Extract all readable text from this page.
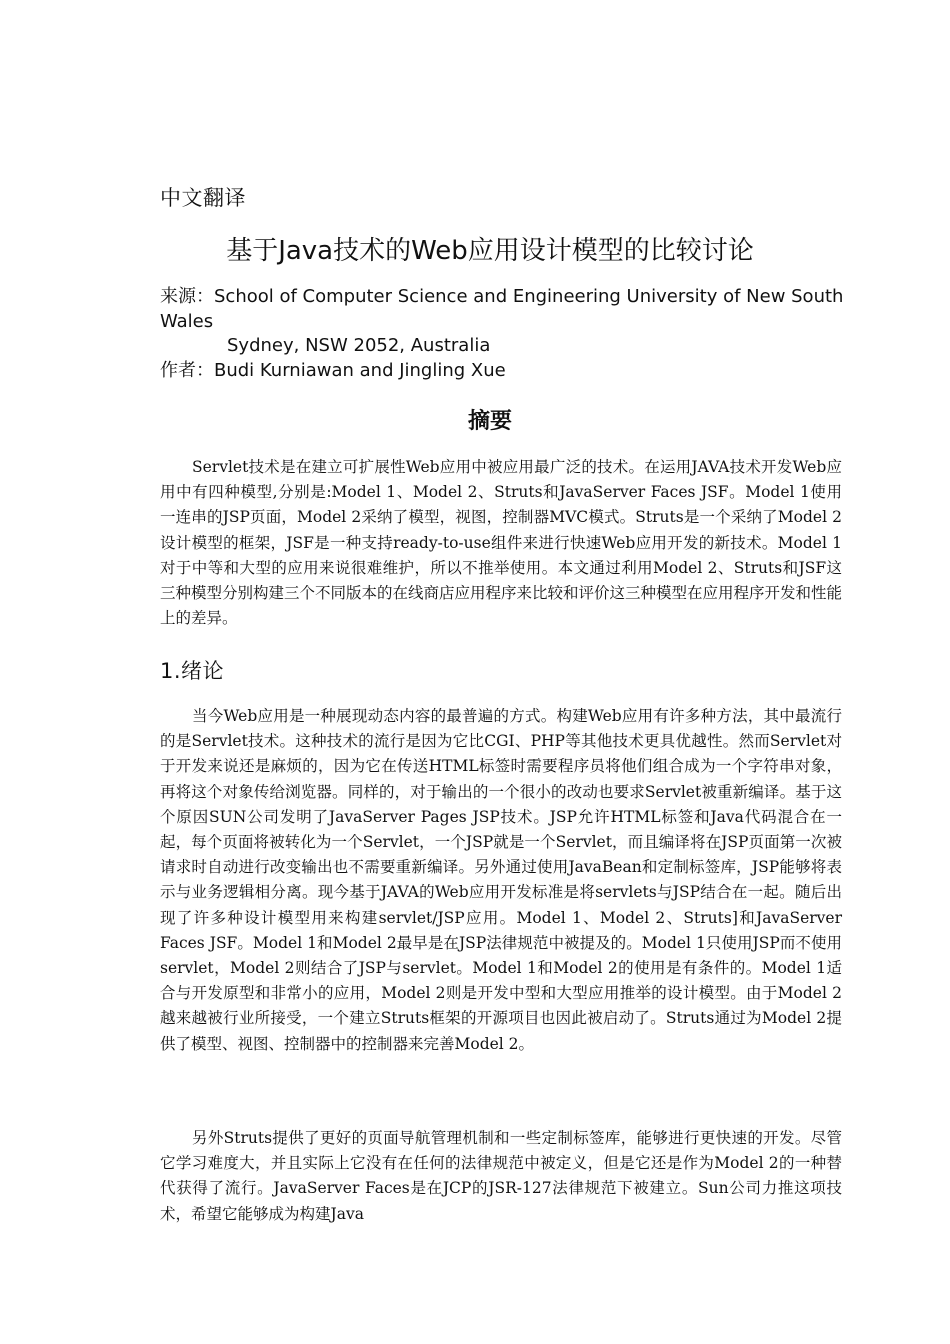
中文翻译
基于Java技术的Web应用设计模型的比较讨论
来源：School of Computer Science and Engineering University of New South Wales
Sydney, NSW 2052, Australia
作者：Budi Kurniawan and Jingling Xue
摘要

Servlet技术是在建立可扩展性Web应用中被应用最广泛的技术。在运用JAVA技术开发Web应用中有四种模型,分别是:Model 1、Model 2、Struts和JavaServer Faces JSF。Model 1使用一连串的JSP页面，Model 2采纳了模型，视图，控制器MVC模式。Struts是一个采纳了Model 2设计模型的框架，JSF是一种支持ready-to-use组件来进行快速Web应用开发的新技术。Model 1对于中等和大型的应用来说很难维护，所以不推举使用。本文通过利用Model 2、Struts和JSF这三种模型分别构建三个不同版本的在线商店应用程序来比较和评价这三种模型在应用程序开发和性能上的差异。

1.绪论

当今Web应用是一种展现动态内容的最普遍的方式。构建Web应用有许多种方法，其中最流行的是Servlet技术。这种技术的流行是因为它比CGI、PHP等其他技术更具优越性。然而Servlet对于开发来说还是麻烦的，因为它在传送HTML标签时需要程序员将他们组合成为一个字符串对象，再将这个对象传给浏览器。同样的，对于输出的一个很小的改动也要求Servlet被重新编译。基于这个原因SUN公司发明了JavaServer Pages JSP技术。JSP允许HTML标签和Java代码混合在一起，每个页面将被转化为一个Servlet，一个JSP就是一个Servlet，而且编译将在JSP页面第一次被请求时自动进行改变输出也不需要重新编译。另外通过使用JavaBean和定制标签库，JSP能够将表示与业务逻辑相分离。现今基于JAVA的Web应用开发标准是将servlets与JSP结合在一起。随后出现了许多种设计模型用来构建servlet/JSP应用。Model 1、Model 2、Struts]和JavaServer Faces JSF。Model 1和Model 2最早是在JSP法律规范中被提及的。Model 1只使用JSP而不使用servlet，Model 2则结合了JSP与servlet。Model 1和Model 2的使用是有条件的。Model 1适合与开发原型和非常小的应用，Model 2则是开发中型和大型应用推举的设计模型。由于Model 2越来越被行业所接受，一个建立Struts框架的开源项目也因此被启动了。Struts通过为Model 2提供了模型、视图、控制器中的控制器来完善Model 2。

另外Struts提供了更好的页面导航管理机制和一些定制标签库，能够进行更快速的开发。尽管它学习难度大，并且实际上它没有在任何的法律规范中被定义，但是它还是作为Model 2的一种替代获得了流行。JavaServer Faces是在JCP的JSR-127法律规范下被建立。Sun公司力推这项技术，希望它能够成为构建Java
